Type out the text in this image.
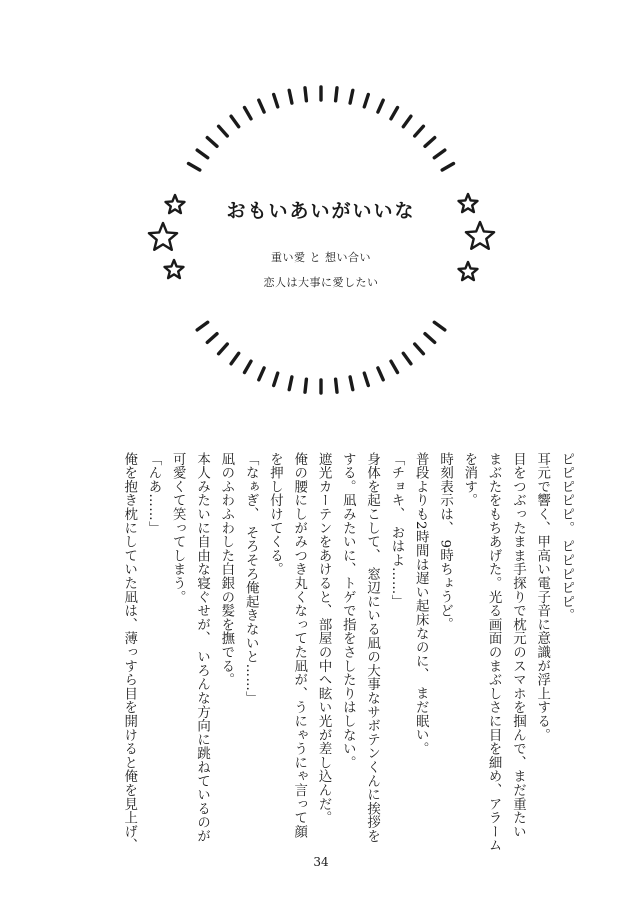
おもいあいがいいな
重い愛 と 想い合い
恋人は大事に愛したい

ピピピピピ。 ピピピピピ。

耳元で響く、甲高い電子音に意識が浮上する。

目をつぶったまま手探りで枕元のスマホを掴んで、まだ重たい

まぶたをもちあげた。光る画面のまぶしさに目を細め、アラーム

を消す。

時刻表示は、 9時ちょうど。

普段よりも2時間は遅い起床なのに、 まだ眠い。

「チョキ、 おはよ……」

身体を起こして、 窓辺にいる凪の大事なサボテンくんに挨拶を

する。凪みたいに、トゲで指をさしたりはしない。

遮光カーテンをあけると、部屋の中へ眩い光が差し込んだ。

俺の腰にしがみつき丸くなってた凪が、うにゃうにゃ言って顔

を押し付けてくる。

「なぁぎ、 そろそろ俺起きないと……」

凪のふわふわした白銀の髪を撫でる。

本人みたいに自由な寝ぐせが、 いろんな方向に跳ねているのが

可愛くて笑ってしまう。

「んあ……」

俺を抱き枕にしていた凪は、薄っすら目を開けると俺を見上げ、

34
